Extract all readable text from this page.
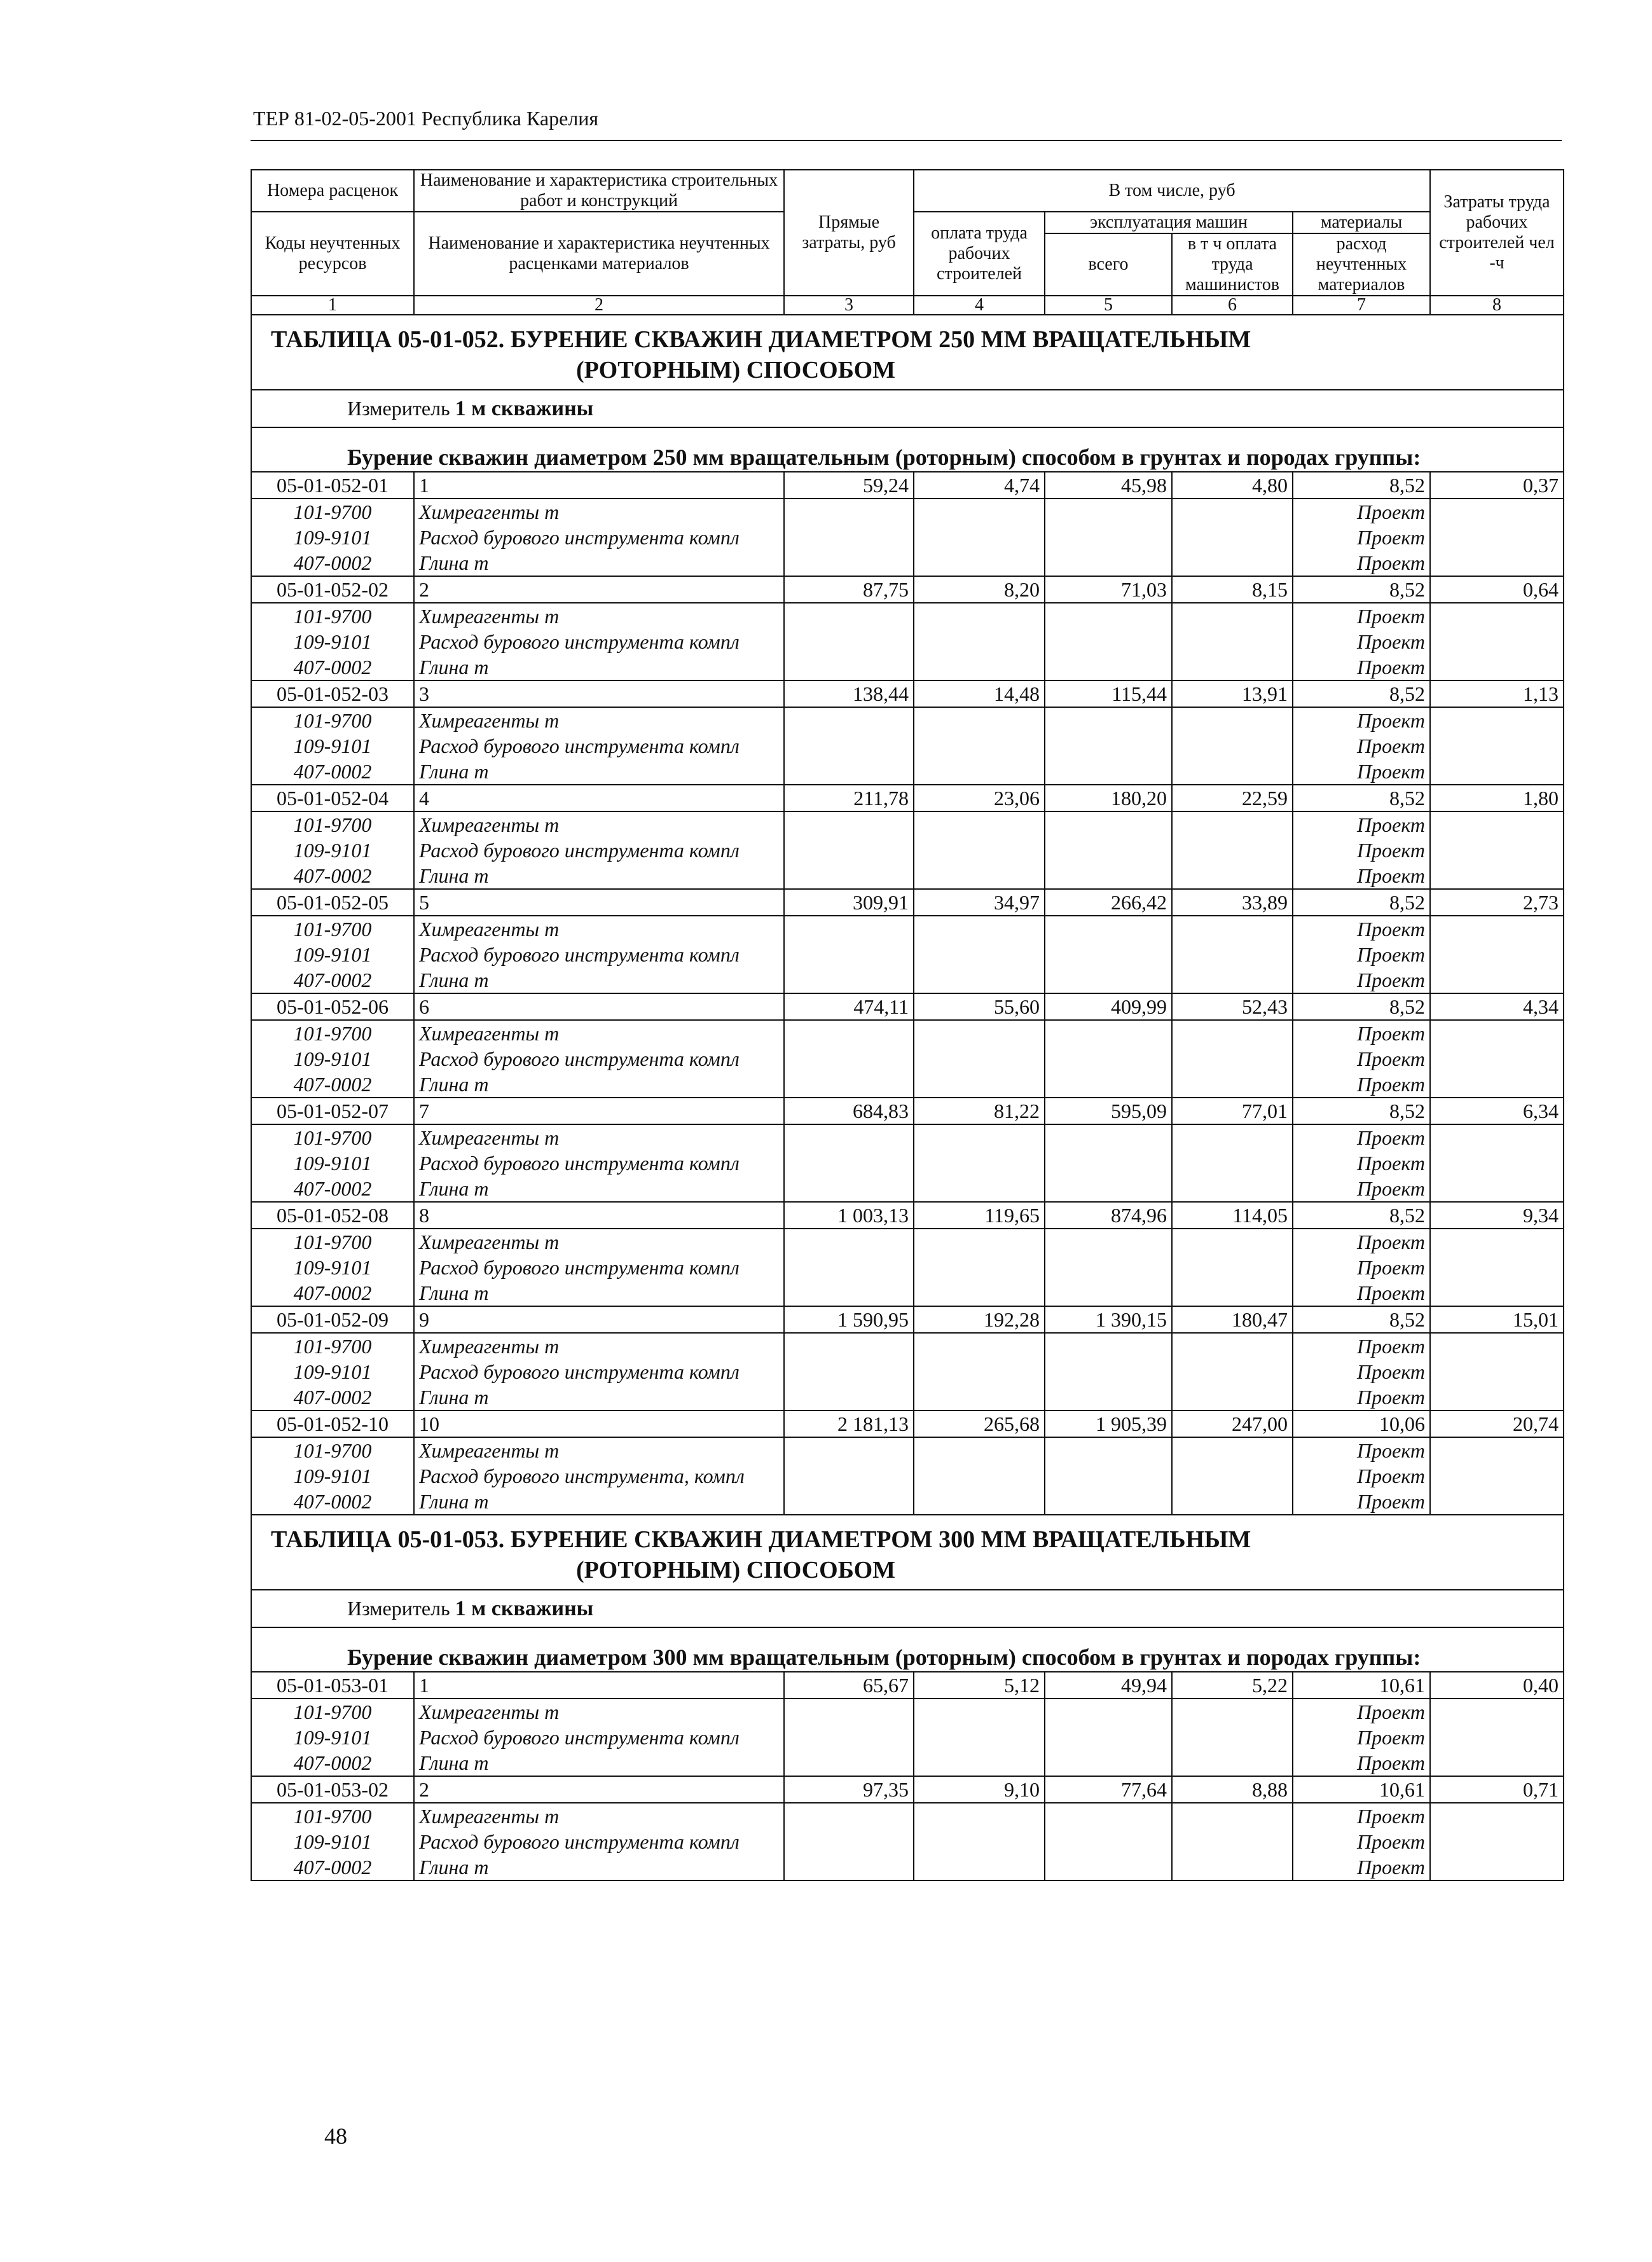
ТЕР 81-02-05-2001 Республика Карелия
Номера расценок	Наименование и характеристика строительных работ и конструкций	Прямые затраты, руб	В том числе, руб				Затраты труда рабочих строителей чел -ч
Коды неучтенных ресурсов	Наименование и характеристика неучтенных расценками материалов		оплата труда рабочих строителей	эксплуатация машин		материалы	
				всего	в т ч оплата труда машинистов	расход неучтенных материалов	
1	2	3	4	5	6	7	8
ТАБЛИЦА 05-01-052. БУРЕНИЕ СКВАЖИН ДИАМЕТРОМ 250 ММ ВРАЩАТЕЛЬНЫМ
(РОТОРНЫМ) СПОСОБОМ							

Измеритель 1 м скважины							
Бурение скважин диаметром 250 мм вращательным (роторным) способом в грунтах и породах группы:							
05-01-052-01	1	59,24	4,74	45,98	4,80	8,52	0,37
101-9700	Химреагенты т					Проект	
109-9101	Расход бурового инструмента компл					Проект	
407-0002	Глина т					Проект	
05-01-052-02	2	87,75	8,20	71,03	8,15	8,52	0,64
101-9700	Химреагенты т					Проект	
109-9101	Расход бурового инструмента компл					Проект	
407-0002	Глина т					Проект	
05-01-052-03	3	138,44	14,48	115,44	13,91	8,52	1,13
101-9700	Химреагенты т					Проект	
109-9101	Расход бурового инструмента компл					Проект	
407-0002	Глина т					Проект	
05-01-052-04	4	211,78	23,06	180,20	22,59	8,52	1,80
101-9700	Химреагенты т					Проект	
109-9101	Расход бурового инструмента компл					Проект	
407-0002	Глина т					Проект	
05-01-052-05	5	309,91	34,97	266,42	33,89	8,52	2,73
101-9700	Химреагенты т					Проект	
109-9101	Расход бурового инструмента компл					Проект	
407-0002	Глина т					Проект	
05-01-052-06	6	474,11	55,60	409,99	52,43	8,52	4,34
101-9700	Химреагенты т					Проект	
109-9101	Расход бурового инструмента компл					Проект	
407-0002	Глина т					Проект	
05-01-052-07	7	684,83	81,22	595,09	77,01	8,52	6,34
101-9700	Химреагенты т					Проект	
109-9101	Расход бурового инструмента компл					Проект	
407-0002	Глина т					Проект	
05-01-052-08	8	1 003,13	119,65	874,96	114,05	8,52	9,34
101-9700	Химреагенты т					Проект	
109-9101	Расход бурового инструмента компл					Проект	
407-0002	Глина т					Проект	
05-01-052-09	9	1 590,95	192,28	1 390,15	180,47	8,52	15,01
101-9700	Химреагенты т					Проект	
109-9101	Расход бурового инструмента компл					Проект	
407-0002	Глина т					Проект	
05-01-052-10	10	2 181,13	265,68	1 905,39	247,00	10,06	20,74
101-9700	Химреагенты т					Проект	
109-9101	Расход бурового инструмента, компл					Проект	
407-0002	Глина т					Проект	
ТАБЛИЦА 05-01-053. БУРЕНИЕ СКВАЖИН ДИАМЕТРОМ 300 ММ ВРАЩАТЕЛЬНЫМ
(РОТОРНЫМ) СПОСОБОМ							

Измеритель 1 м скважины							
Бурение скважин диаметром 300 мм вращательным (роторным) способом в грунтах и породах группы:							
05-01-053-01	1	65,67	5,12	49,94	5,22	10,61	0,40
101-9700	Химреагенты т					Проект	
109-9101	Расход бурового инструмента компл					Проект	
407-0002	Глина т					Проект	
05-01-053-02	2	97,35	9,10	77,64	8,88	10,61	0,71
101-9700	Химреагенты т					Проект	
109-9101	Расход бурового инструмента компл					Проект	
407-0002	Глина т					Проект	
48
